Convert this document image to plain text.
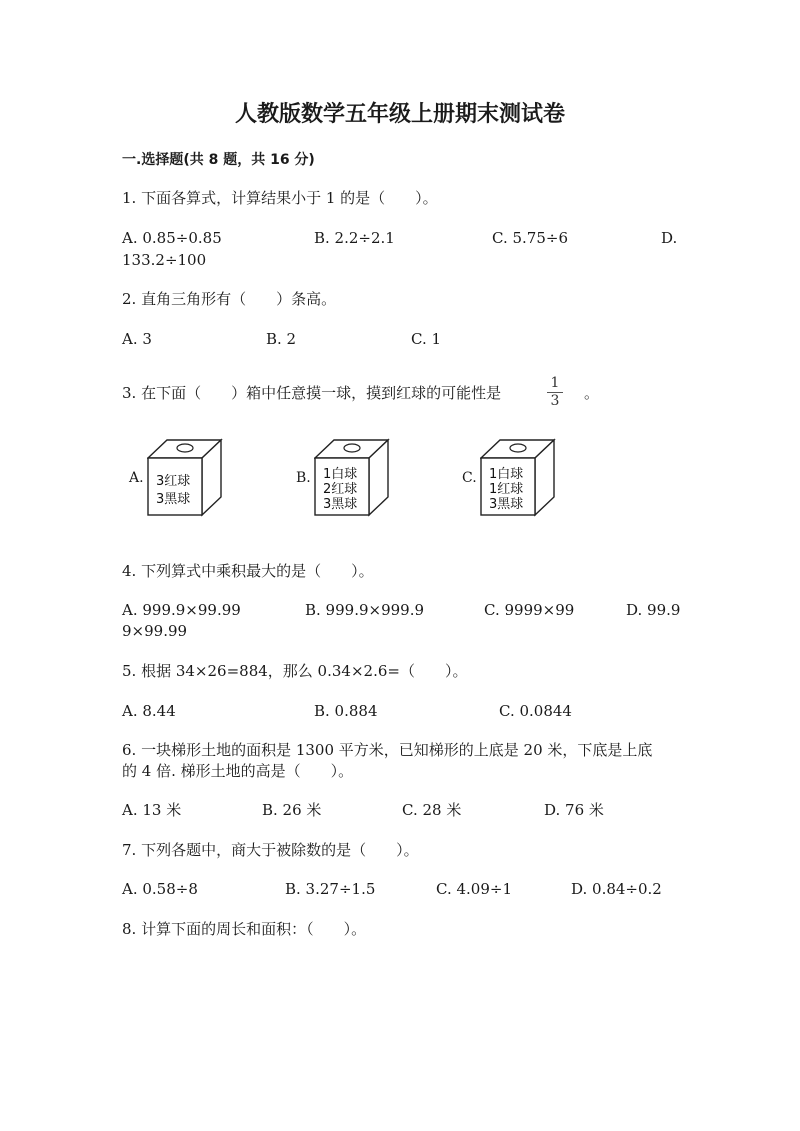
人教版数学五年级上册期末测试卷
一.选择题(共 8 题，共 16 分)
1. 下面各算式，计算结果小于 1 的是（　　）。
A. 0.85÷0.85	B. 2.2÷2.1	C. 5.75÷6	D.
133.2÷100
2. 直角三角形有（　　）条高。
A. 3	B. 2	C. 1
3. 在下面（　　）箱中任意摸一球，摸到红球的可能性是
1
3 。
A. 3红球
3黑球
B. 1白球
2红球
3黑球
C. 1白球
1红球
3黑球
4. 下列算式中乘积最大的是（　　）。
A. 999.9×99.99	B. 999.9×999.9	C. 9999×99	D. 99.9
9×99.99
5. 根据 34×26=884，那么 0.34×2.6=（　　）。
A. 8.44	B. 0.884	C. 0.0844
6. 一块梯形土地的面积是 1300 平方米，已知梯形的上底是 20 米，下底是上底
的 4 倍. 梯形土地的高是（　　）。
A. 13 米	B. 26 米	C. 28 米	D. 76 米
7. 下列各题中，商大于被除数的是（　　）。
A. 0.58÷8	B. 3.27÷1.5	C. 4.09÷1	D. 0.84÷0.2
8. 计算下面的周长和面积：（　　）。
